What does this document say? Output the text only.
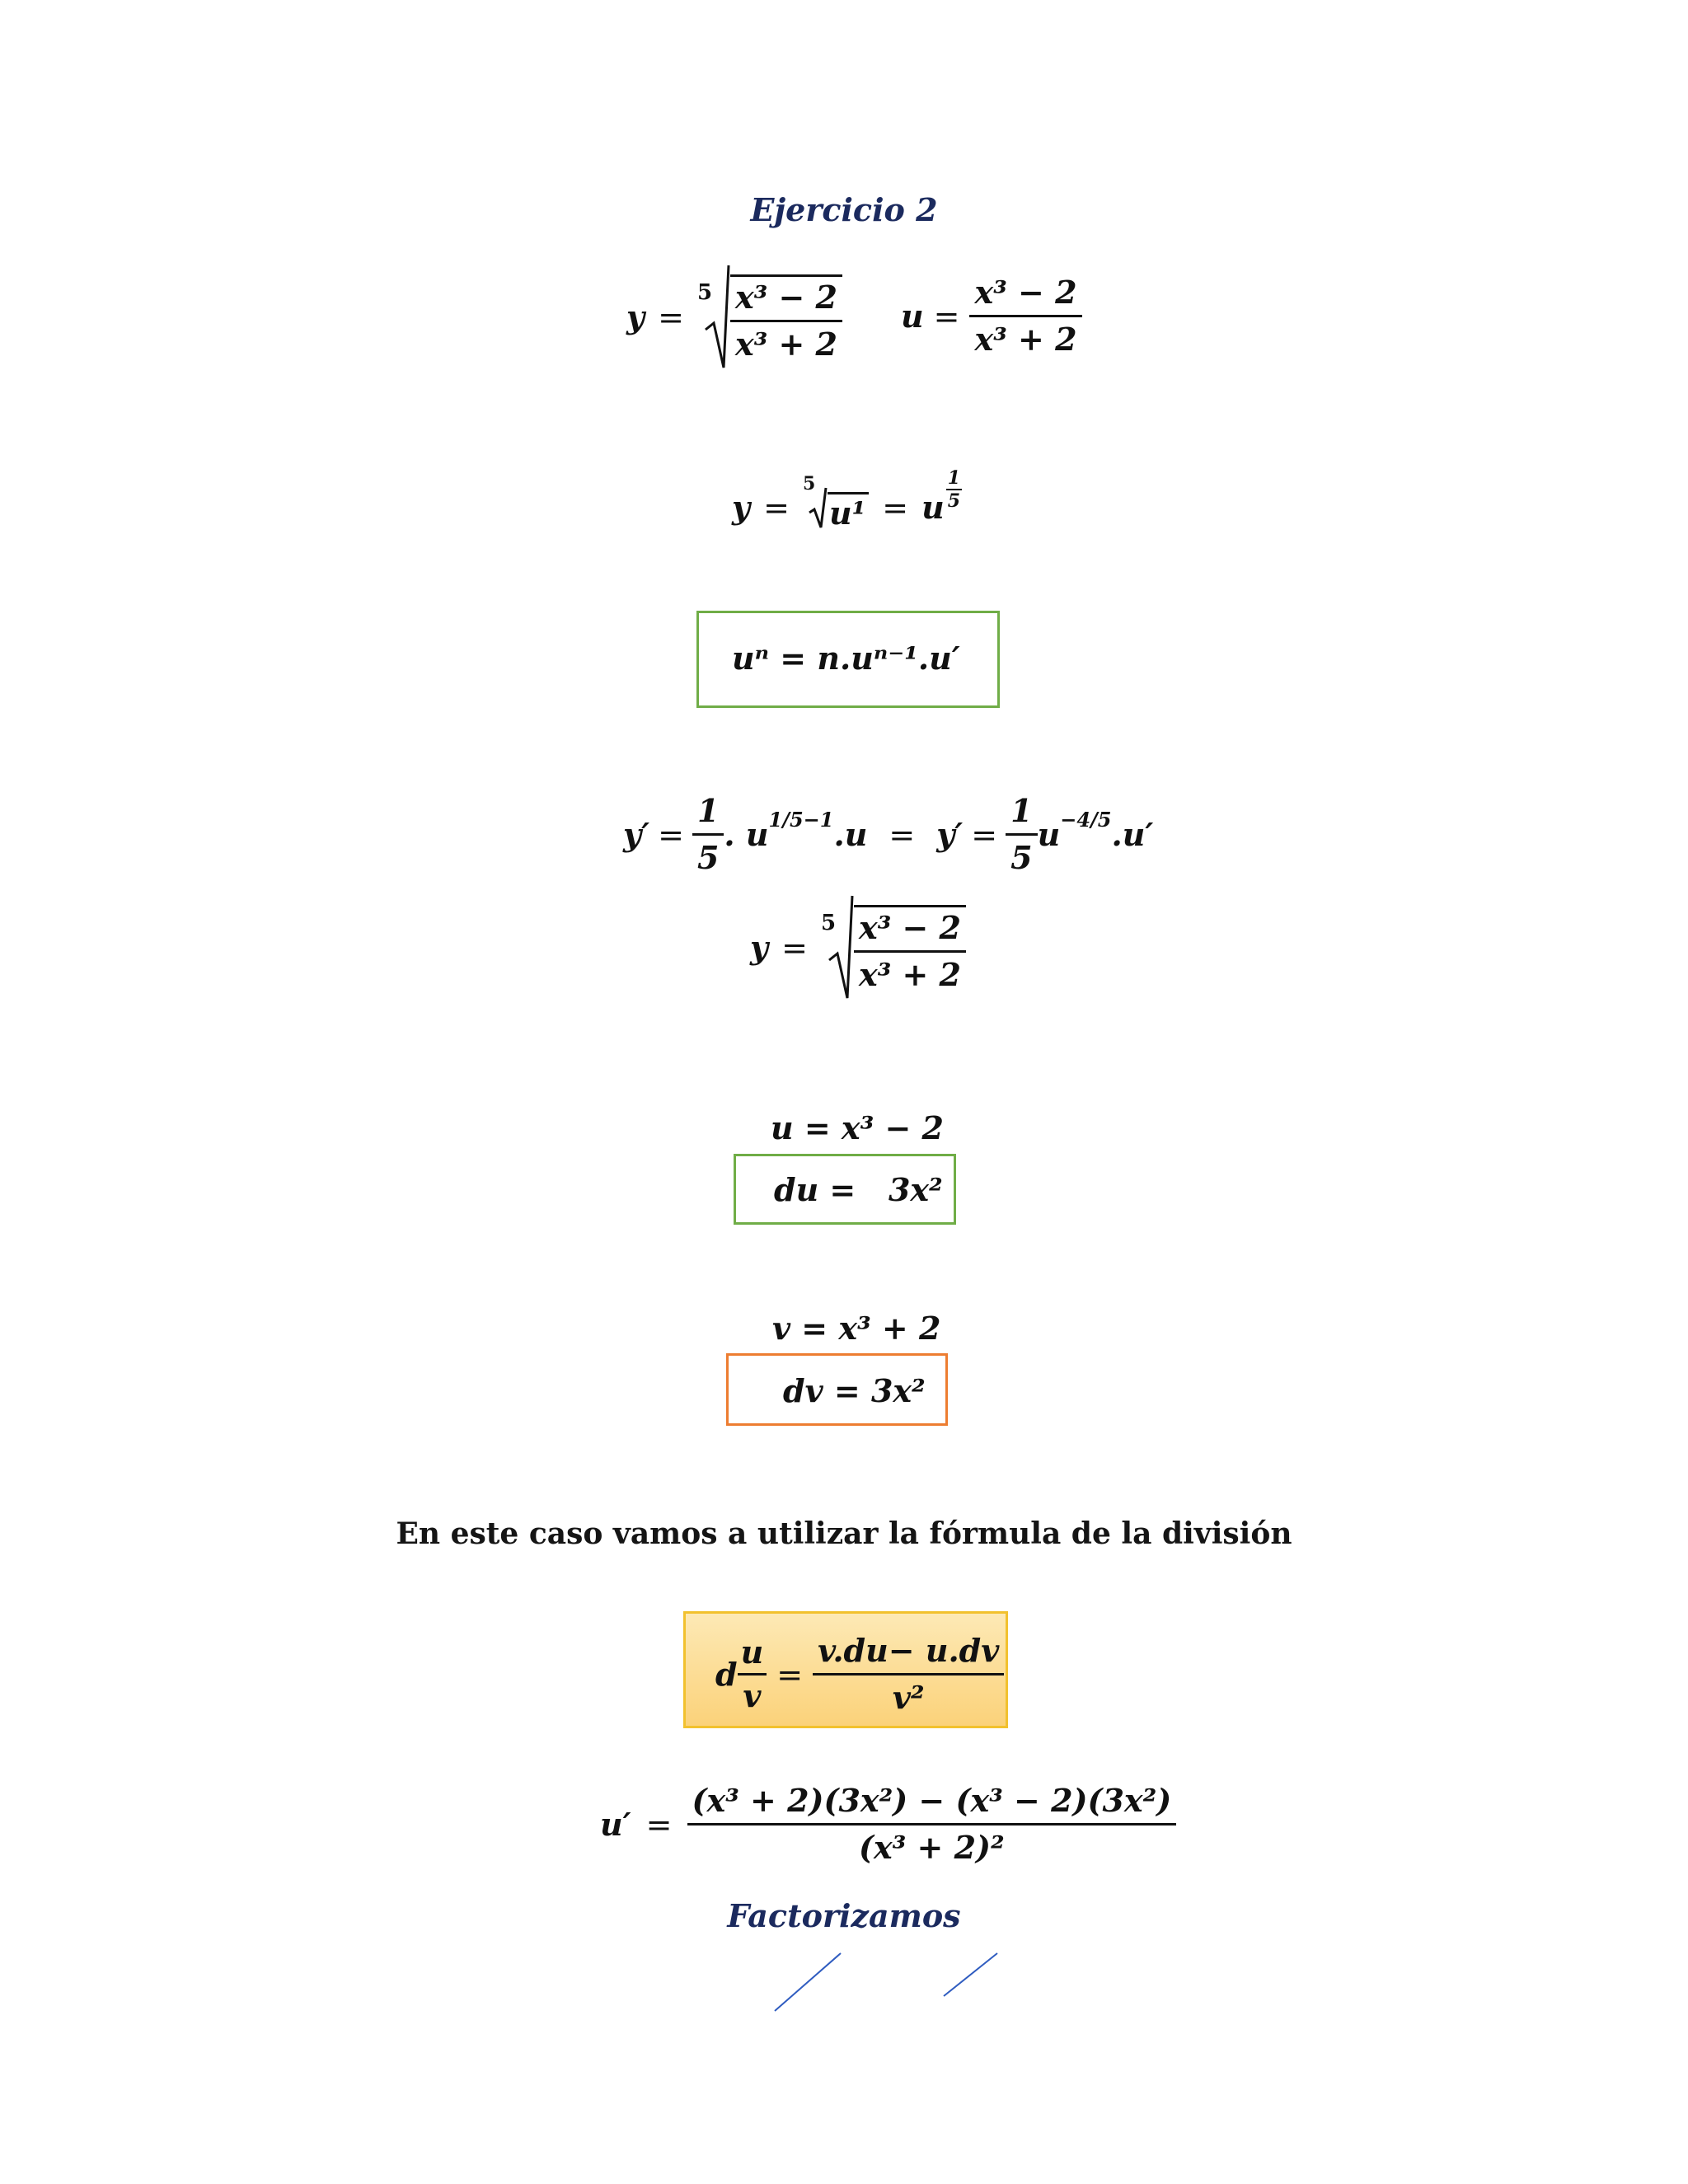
Ejercicio 2
y =
$5 \frac{\text{x³ − 2}}{\text{x³ + 2}}$ $u = \frac{\text{x³ − 2}}{\text{x³ + 2}}$
y =
5
u¹ = u $\frac{1}{5}$
uⁿ = n.uⁿ⁻¹.u′
$y' = \frac{1}{5}$ . u 1/5−1 $.u = y' = \frac{1}{5}$ u −4/5 .u′
y =
$5 \frac{\text{x³ − 2}}{\text{x³ + 2}}$
u = x³ − 2
du =   3x²
v = x³ + 2
dv = 3x²
En este caso vamos a utilizar la fórmula de la división
d $\frac{u}{v} = \frac{v.du- u.dv}{\text{v²}}$
$u' = \frac{\text{(x³ + 2)(3x²) − (x³ − 2)(3x²)}}{\text{(x³ + 2)²}}$
Factorizamos
